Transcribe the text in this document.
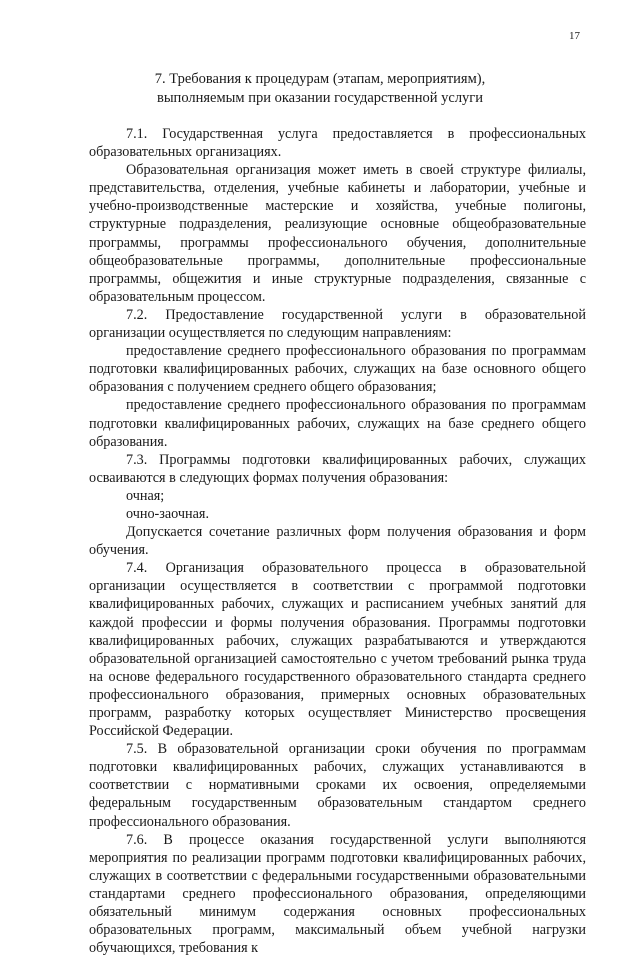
17
7. Требования к процедурам (этапам, мероприятиям),
выполняемым при оказании государственной услуги

7.1. Государственная услуга предоставляется в профессиональных образовательных организациях.

Образовательная организация может иметь в своей структуре филиалы, представительства, отделения, учебные кабинеты и лаборатории, учебные и учебно-производственные мастерские и хозяйства, учебные полигоны, структурные подразделения, реализующие основные общеобразовательные программы, программы профессионального обучения, дополнительные общеобразовательные программы, дополнительные профессиональные программы, общежития и иные структурные подразделения, связанные с образовательным процессом.

7.2. Предоставление государственной услуги в образовательной организации осуществляется по следующим направлениям:

предоставление среднего профессионального образования по программам подготовки квалифицированных рабочих, служащих на базе основного общего образования с получением среднего общего образования;

предоставление среднего профессионального образования по программам подготовки квалифицированных рабочих, служащих на базе среднего общего образования.

7.3. Программы подготовки квалифицированных рабочих, служащих осваиваются в следующих формах получения образования:

очная;

очно-заочная.

Допускается сочетание различных форм получения образования и форм обучения.

7.4. Организация образовательного процесса в образовательной организации осуществляется в соответствии с программой подготовки квалифицированных рабочих, служащих и расписанием учебных занятий для каждой профессии и формы получения образования. Программы подготовки квалифицированных рабочих, служащих разрабатываются и утверждаются образовательной организацией самостоятельно с учетом требований рынка труда на основе федерального государственного образовательного стандарта среднего профессионального образования, примерных основных образовательных программ, разработку которых осуществляет Министерство просвещения Российской Федерации.

7.5. В образовательной организации сроки обучения по программам подготовки квалифицированных рабочих, служащих устанавливаются в соответствии с нормативными сроками их освоения, определяемыми федеральным государственным образовательным стандартом среднего профессионального образования.

7.6. В процессе оказания государственной услуги выполняются мероприятия по реализации программ подготовки квалифицированных рабочих, служащих в соответствии с федеральными государственными образовательными стандартами среднего профессионального образования, определяющими обязательный минимум содержания основных профессиональных образовательных программ, максимальный объем учебной нагрузки обучающихся, требования к
